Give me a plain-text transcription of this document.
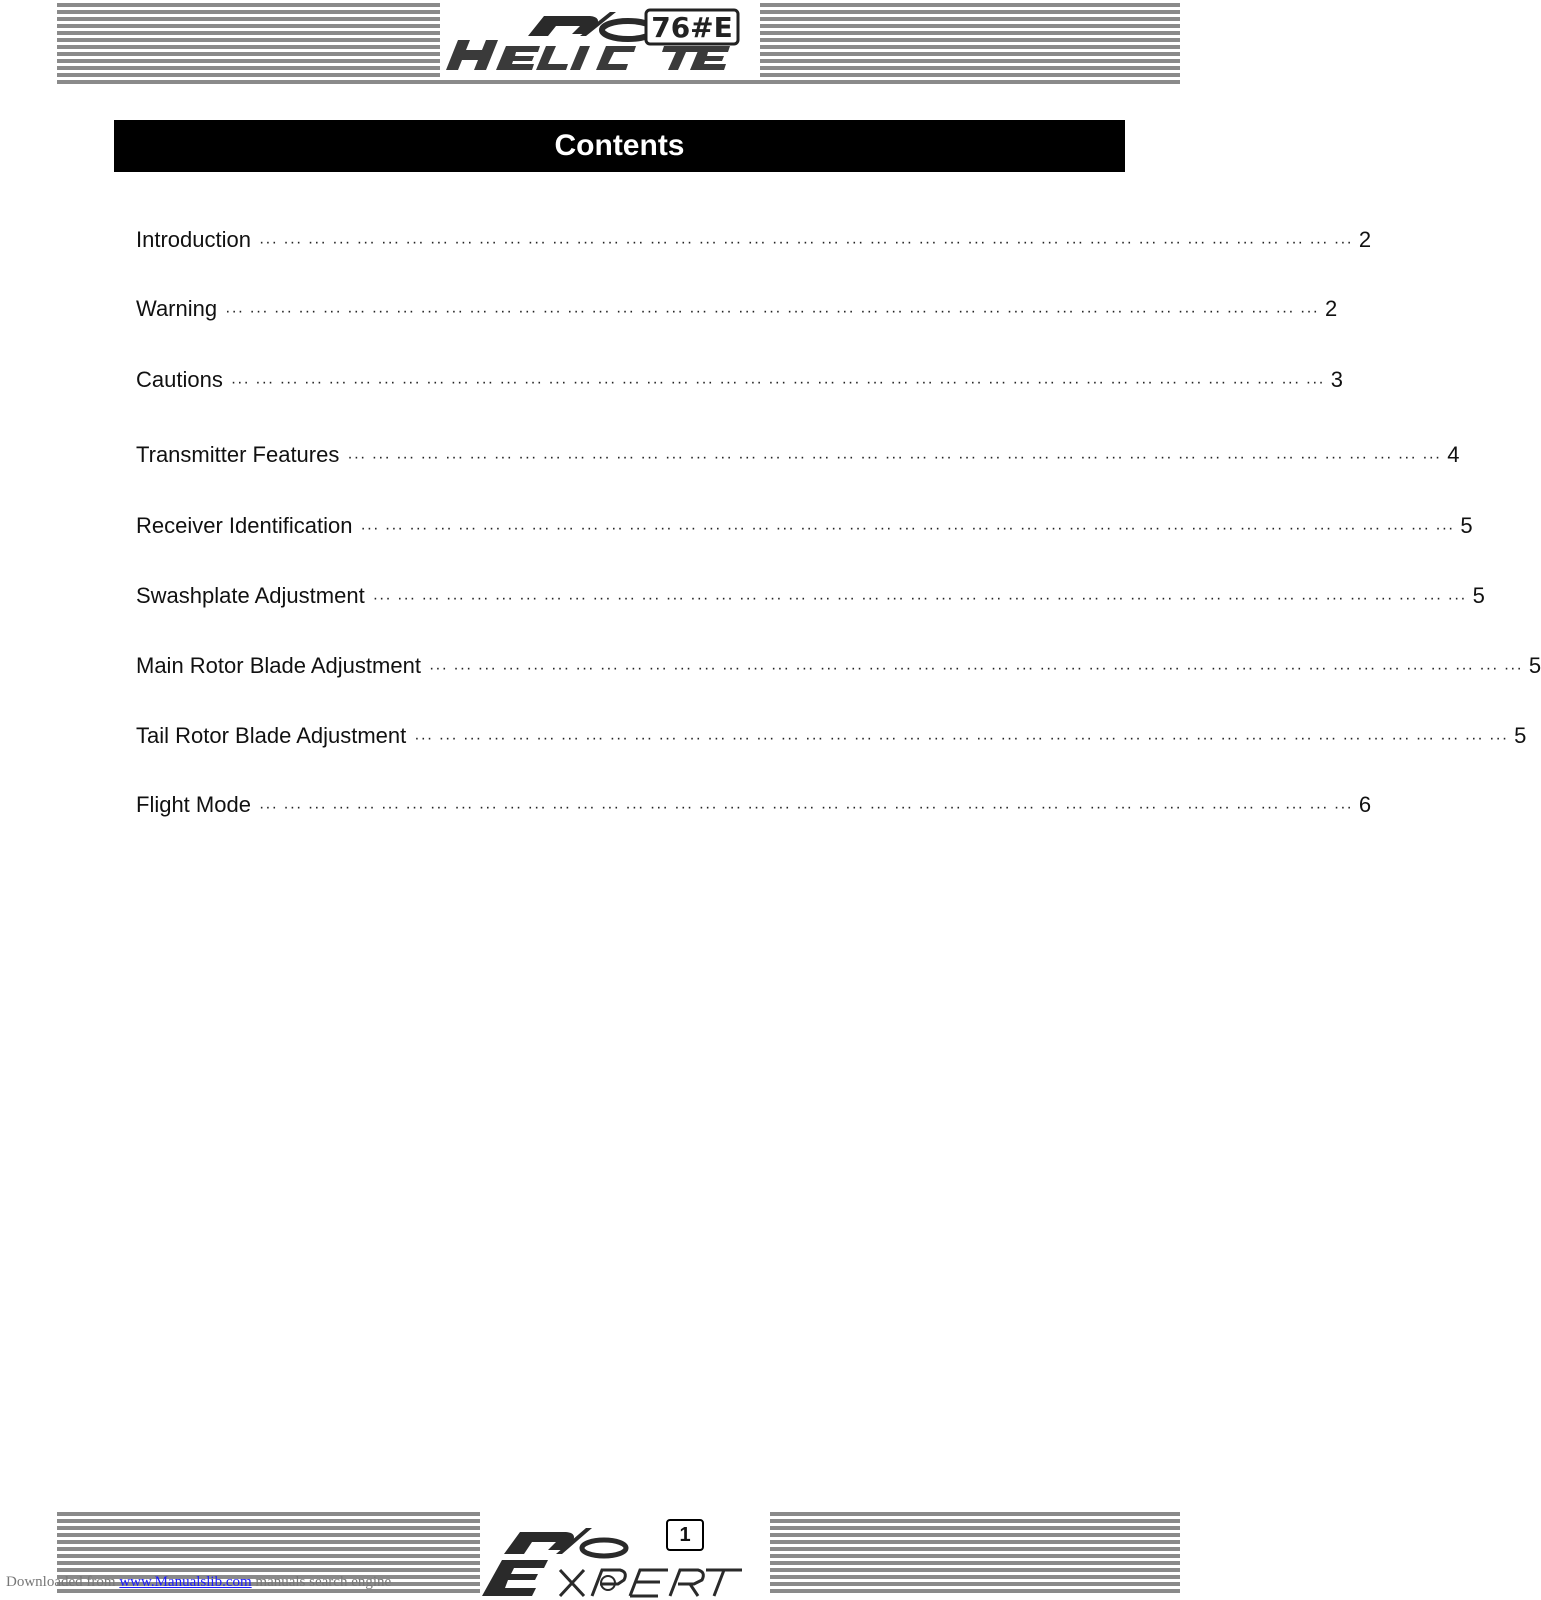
76#E
Contents
Introduction ··· ··· ··· ··· ··· ··· ··· ··· ··· ··· ··· ··· ··· ··· ··· ··· ··· ··· ··· ··· ··· ··· ··· ··· ··· ··· ··· ··· ··· ··· ··· ··· ··· ··· ··· ··· ··· ··· ··· ··· ··· ··· ··· ··· ··· 2
Warning ··· ··· ··· ··· ··· ··· ··· ··· ··· ··· ··· ··· ··· ··· ··· ··· ··· ··· ··· ··· ··· ··· ··· ··· ··· ··· ··· ··· ··· ··· ··· ··· ··· ··· ··· ··· ··· ··· ··· ··· ··· ··· ··· ··· ··· 2
Cautions ··· ··· ··· ··· ··· ··· ··· ··· ··· ··· ··· ··· ··· ··· ··· ··· ··· ··· ··· ··· ··· ··· ··· ··· ··· ··· ··· ··· ··· ··· ··· ··· ··· ··· ··· ··· ··· ··· ··· ··· ··· ··· ··· ··· ··· 3
Transmitter Features ··· ··· ··· ··· ··· ··· ··· ··· ··· ··· ··· ··· ··· ··· ··· ··· ··· ··· ··· ··· ··· ··· ··· ··· ··· ··· ··· ··· ··· ··· ··· ··· ··· ··· ··· ··· ··· ··· ··· ··· ··· ··· ··· ··· ··· 4
Receiver Identification ··· ··· ··· ··· ··· ··· ··· ··· ··· ··· ··· ··· ··· ··· ··· ··· ··· ··· ··· ··· ··· ··· ··· ··· ··· ··· ··· ··· ··· ··· ··· ··· ··· ··· ··· ··· ··· ··· ··· ··· ··· ··· ··· ··· ··· 5
Swashplate Adjustment ··· ··· ··· ··· ··· ··· ··· ··· ··· ··· ··· ··· ··· ··· ··· ··· ··· ··· ··· ··· ··· ··· ··· ··· ··· ··· ··· ··· ··· ··· ··· ··· ··· ··· ··· ··· ··· ··· ··· ··· ··· ··· ··· ··· ··· 5
Main Rotor Blade Adjustment ··· ··· ··· ··· ··· ··· ··· ··· ··· ··· ··· ··· ··· ··· ··· ··· ··· ··· ··· ··· ··· ··· ··· ··· ··· ··· ··· ··· ··· ··· ··· ··· ··· ··· ··· ··· ··· ··· ··· ··· ··· ··· ··· ··· ··· 5
Tail Rotor Blade Adjustment ··· ··· ··· ··· ··· ··· ··· ··· ··· ··· ··· ··· ··· ··· ··· ··· ··· ··· ··· ··· ··· ··· ··· ··· ··· ··· ··· ··· ··· ··· ··· ··· ··· ··· ··· ··· ··· ··· ··· ··· ··· ··· ··· ··· ··· 5
Flight Mode ··· ··· ··· ··· ··· ··· ··· ··· ··· ··· ··· ··· ··· ··· ··· ··· ··· ··· ··· ··· ··· ··· ··· ··· ··· ··· ··· ··· ··· ··· ··· ··· ··· ··· ··· ··· ··· ··· ··· ··· ··· ··· ··· ··· ··· 6
1
Downloaded from www.Manualslib.com manuals search engine
